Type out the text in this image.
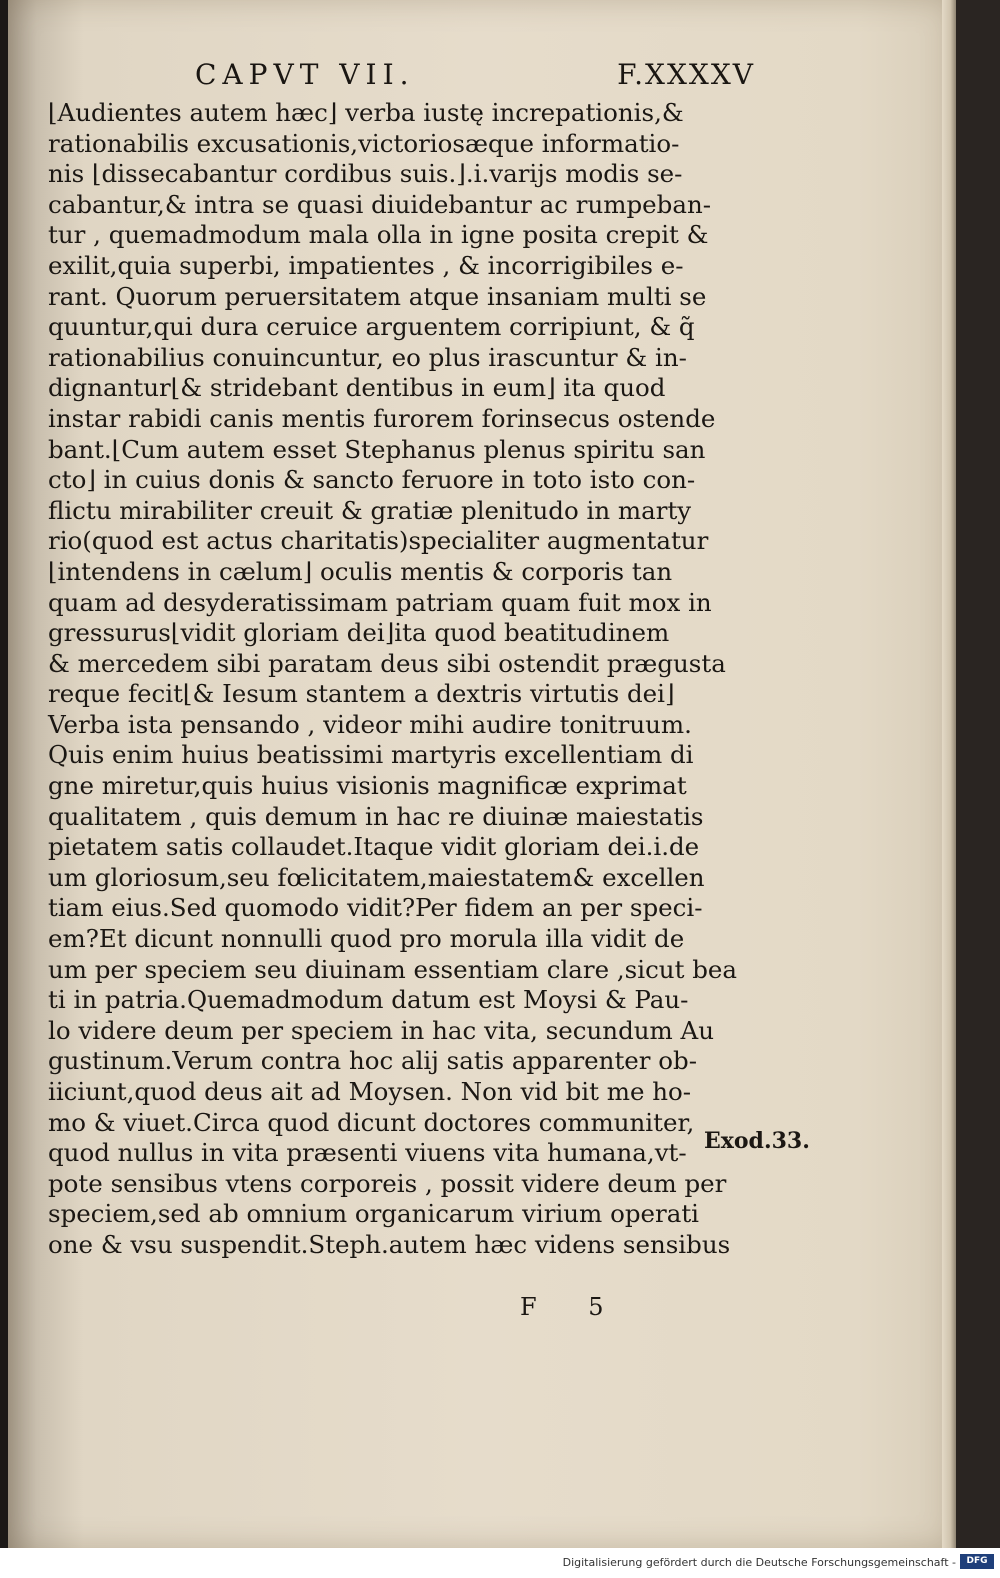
CAPVT VII.	F.XXXXV
⌊Audientes autem hæc⌋ verba iustę increpationis,&
rationabilis excusationis,victoriosæque informatio-
nis ⌊dissecabantur cordibus suis.⌋.i.varijs modis se-
cabantur,& intra se quasi diuidebantur ac rumpeban-
tur , quemadmodum mala olla in igne posita crepit &
exilit,quia superbi, impatientes , & incorrigibiles e-
rant. Quorum peruersitatem atque insaniam multi se
quuntur,qui dura ceruice arguentem corripiunt, & q̃
rationabilius conuincuntur, eo plus irascuntur & in-
dignantur⌊& stridebant dentibus in eum⌋ ita quod
instar rabidi canis mentis furorem forinsecus ostende
bant.⌊Cum autem esset Stephanus plenus spiritu san
cto⌋ in cuius donis & sancto feruore in toto isto con-
flictu mirabiliter creuit & gratiæ plenitudo in marty
rio(quod est actus charitatis)specialiter augmentatur
⌊intendens in cælum⌋ oculis mentis & corporis tan
quam ad desyderatissimam patriam quam fuit mox in
gressurus⌊vidit gloriam dei⌋ita quod beatitudinem
& mercedem sibi paratam deus sibi ostendit prægusta
reque fecit⌊& Iesum stantem a dextris virtutis dei⌋
Verba ista pensando , videor mihi audire tonitruum.
Quis enim huius beatissimi martyris excellentiam di
gne miretur,quis huius visionis magnificæ exprimat
qualitatem , quis demum in hac re diuinæ maiestatis
pietatem satis collaudet.Itaque vidit gloriam dei.i.de
um gloriosum,seu fœlicitatem,maiestatem& excellen
tiam eius.Sed quomodo vidit?Per fidem an per speci-
em?Et dicunt nonnulli quod pro morula illa vidit de
um per speciem seu diuinam essentiam clare ,sicut bea
ti in patria.Quemadmodum datum est Moysi & Pau-
lo videre deum per speciem in hac vita, secundum Au
gustinum.Verum contra hoc alij satis apparenter ob-
iiciunt,quod deus ait ad Moysen. Non vid bit me ho-
mo & viuet.Circa quod dicunt doctores communiter,
quod nullus in vita præsenti viuens vita humana,vt-
pote sensibus vtens corporeis , possit videre deum per
speciem,sed ab omnium organicarum virium operati
one & vsu suspendit.Steph.autem hæc videns sensibus
Exod.33.
F 5
Digitalisierung gefördert durch die Deutsche Forschungsgemeinschaft -	DFG
